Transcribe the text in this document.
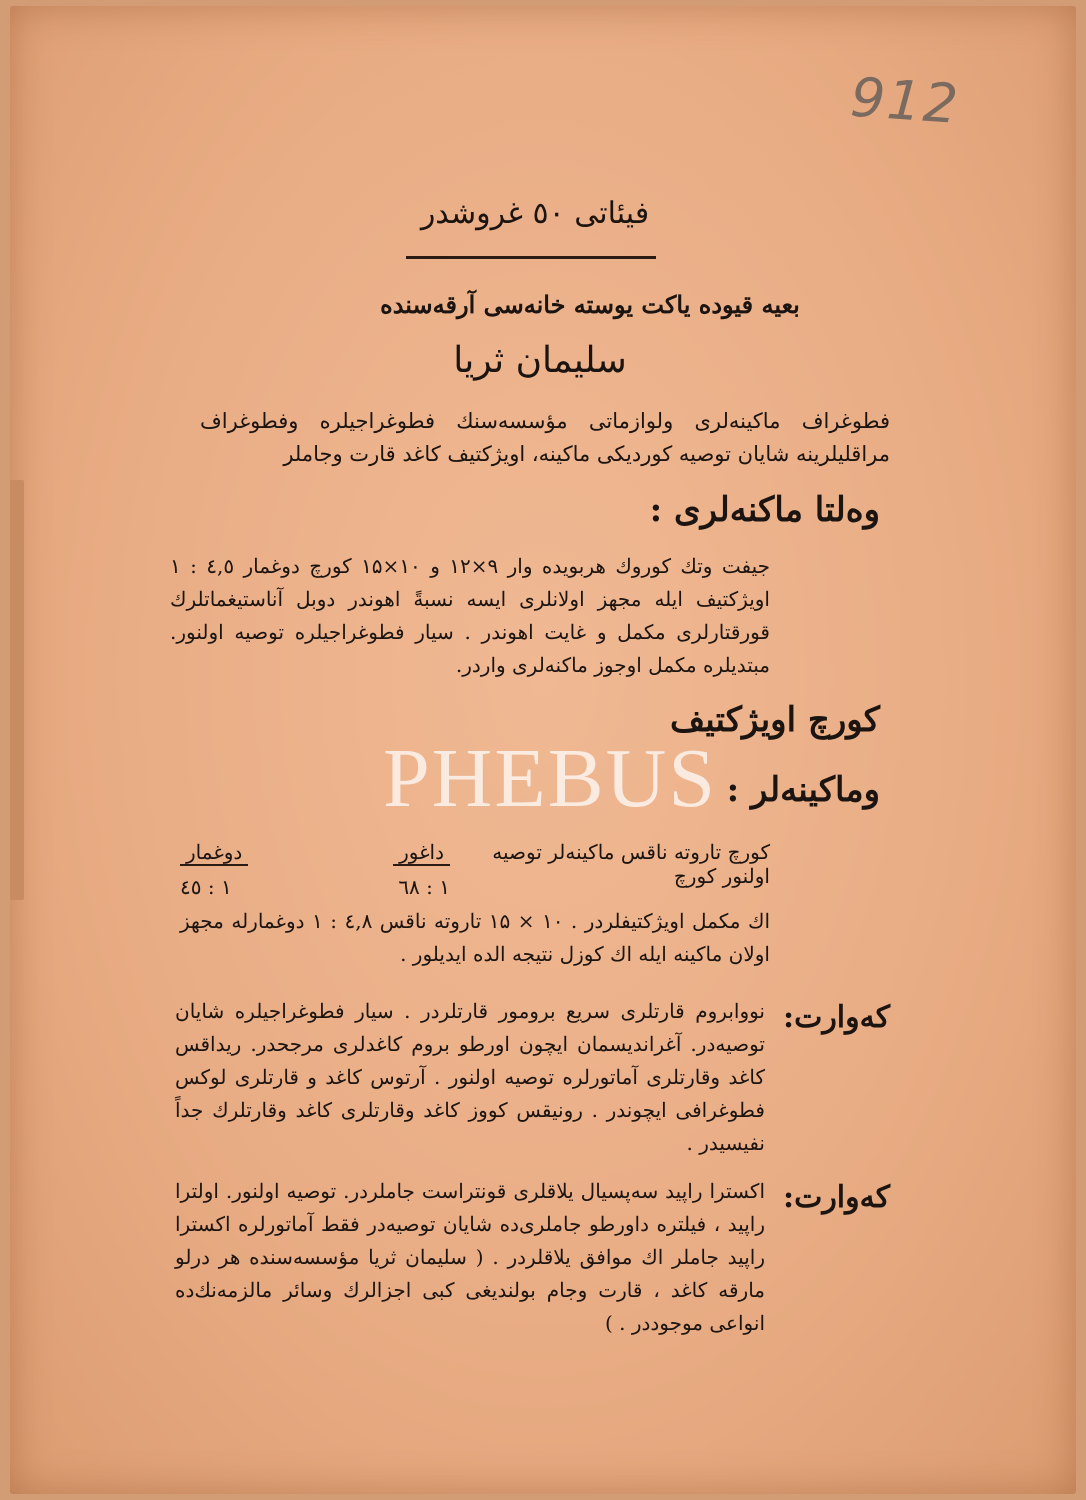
912
فیئاتی ٥٠ غروشدر
بعیه قیوده یاکت یوسته خانه‌سی آرقه‌سنده
سلیمان ثریا
فطوغراف ماکینه‌لری ولوازماتی مؤسسه‌سنك فطوغراجیلره وفطوغراف مراقلیلرینه شایان توصیه کوردیکی ماکینه، اویژکتیف کاغد قارت وجاملر
وه‌لتا ماکنه‌لری :
جیفت وتك کوروك هربویده وار ۹×۱۲ و ۱۰×۱۵ کورچ دوغمار ٤,٥ : ۱ اویژکتیف ایله مجهز اولانلری ایسه نسبةً اهوندر دوبل آناستیغماتلرك قورقتارلری مکمل و غایت اهوندر . سیار فطوغراجیلره توصیه اولنور. مبتدیلره مکمل اوجوز ماکنه‌لری واردر.
کورچ اویژکتیف
وماکینه‌لر :
کورچ تاروته ناقس ماکینه‌لر توصیه اولنور کورچ
داغور
دوغمار
۱ : ٦٨
۱ : ٤٥
اك مکمل اویژکتیفلردر . ۱۰ × ۱۵ تاروته ناقس ٤,٨ : ۱ دوغمارله مجهز اولان ماکینه ایله اك کوزل نتیجه الده ایدیلور .
که‌وارت:
نووابروم قارتلری سریع برومور قارتلردر . سیار فطوغراجیلره شایان توصیه‌در. آغراندیسمان ایچون اورطو بروم کاغدلری مرجحدر. ریداقس کاغد وقارتلری آماتورلره توصیه اولنور . آرتوس کاغد و قارتلری لوکس فطوغرافی ایچوندر . رونیقس کووز کاغد وقارتلری کاغد وقارتلرك جداً نفیسیدر .
که‌وارت:
اکسترا راپید سه‌پسیال یلاقلری قونتراست جاملردر. توصیه اولنور. اولترا راپید ، فیلتره داورطو جاملری‌ده شایان توصیه‌در فقط آماتورلره اکسترا راپید جاملر اك موافق یلاقلردر . ( سلیمان ثریا مؤسسه‌سنده هر درلو مارقه کاغد ، قارت وجام بولندیغی کبی اجزالرك وسائر مالزمه‌نك‌ده انواعی موجوددر . )
PHEBUS
